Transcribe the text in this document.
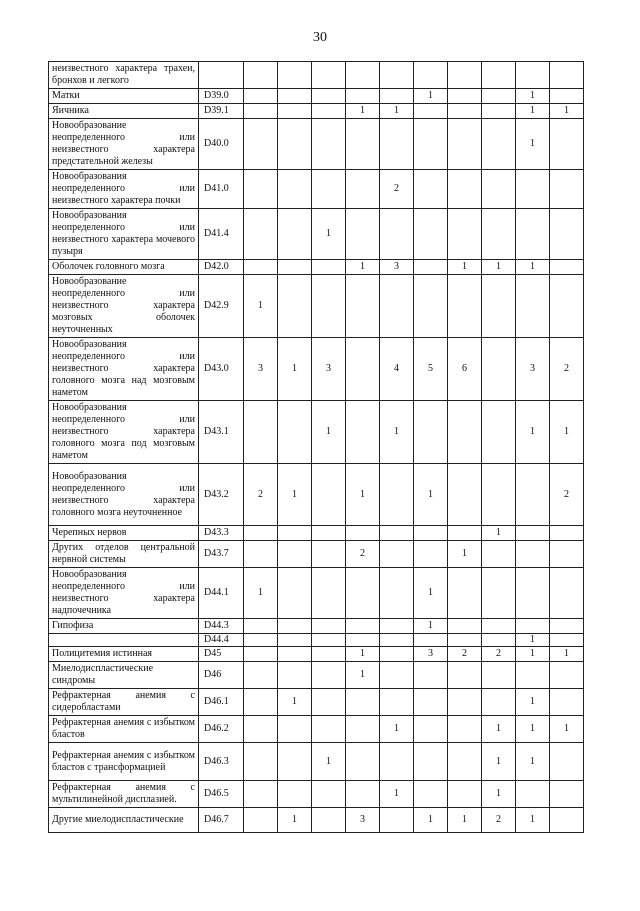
30
неизвестного характера трахеи, бронхов и легкого											
Матки	D39.0						1			1	
Яичника	D39.1				1	1				1	1
Новообразование неопределенного или неизвестного характера предстательной железы	D40.0									1	
Новообразования неопределенного или неизвестного характера почки	D41.0					2					
Новообразования неопределенного или неизвестного характера мочевого пузыря	D41.4			1							
Оболочек головного мозга	D42.0				1	3		1	1	1	
Новообразование неопределенного или неизвестного характера мозговых оболочек неуточненных	D42.9	1									
Новообразования неопределенного или неизвестного характера головного мозга над мозговым наметом	D43.0	3	1	3		4	5	6		3	2
Новообразования неопределенного или неизвестного характера головного мозга под мозговым наметом	D43.1			1		1				1	1
Новообразования неопределенного или неизвестного характера головного мозга неуточненное	D43.2	2	1		1		1				2
Черепных нервов	D43.3								1		
Других отделов центральной нервной системы	D43.7				2			1			
Новообразования неопределенного или неизвестного характера надпочечника	D44.1	1					1				
Гипофиза	D44.3						1				
	D44.4									1	
Полицитемия истинная	D45				1		3	2	2	1	1
Миелодиспластические синдромы	D46				1						
Рефрактерная анемия с сидеробластами	D46.1		1							1	
Рефрактерная анемия с избытком бластов	D46.2					1			1	1	1
Рефрактерная анемия с избытком бластов с трансформацией	D46.3			1					1	1	
Рефрактерная анемия с мультилинейной дисплазией.	D46.5					1			1		
Другие миелодиспластические	D46.7		1		3		1	1	2	1	
